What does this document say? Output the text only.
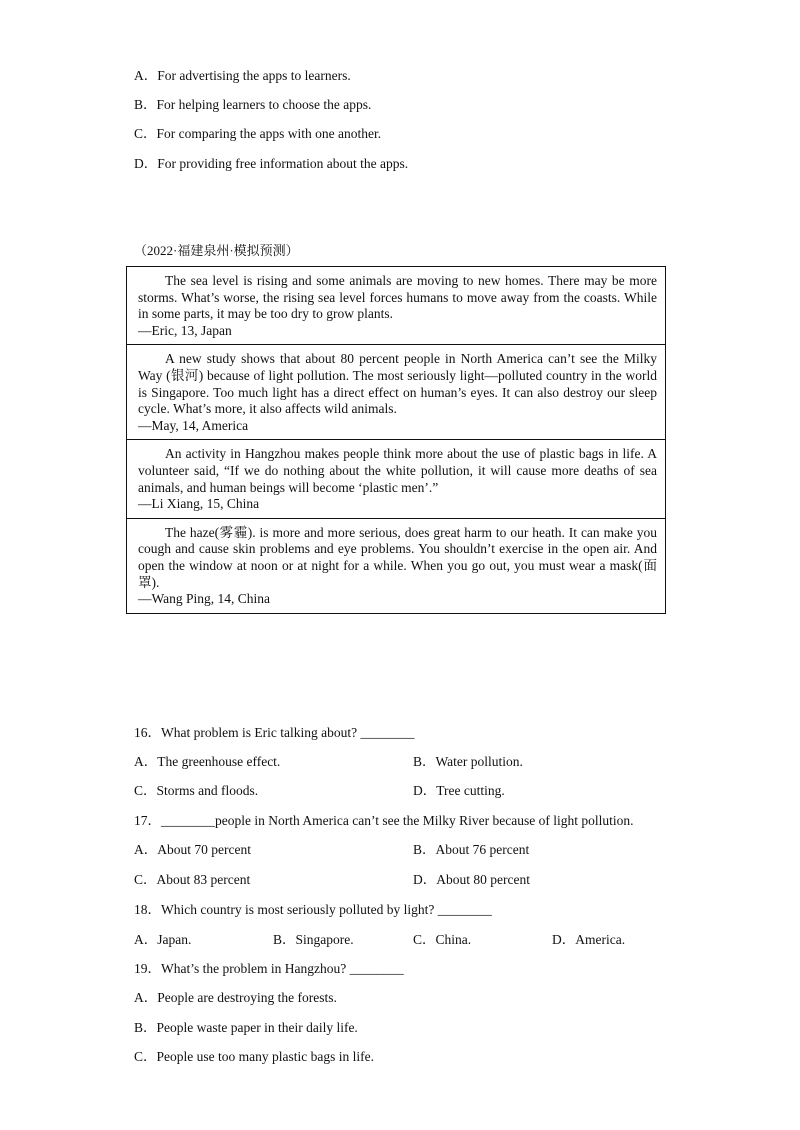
A．For advertising the apps to learners.
B．For helping learners to choose the apps.
C．For comparing the apps with one another.
D．For providing free information about the apps.
（2022·福建泉州·模拟预测）
The sea level is rising and some animals are moving to new homes. There may be more storms. What’s worse, the rising sea level forces humans to move away from the coasts. While in some parts, it may be too dry to grow plants.
—Eric, 13, Japan
A new study shows that about 80 percent people in North America can’t see the Milky Way (银河) because of light pollution. The most seriously light—polluted country in the world is Singapore. Too much light has a direct effect on human’s eyes. It can also destroy our sleep cycle. What’s more, it also affects wild animals.
—May, 14, America
An activity in Hangzhou makes people think more about the use of plastic bags in life. A volunteer said, “If we do nothing about the white pollution, it will cause more deaths of sea animals, and human beings will become ‘plastic men’.”
—Li Xiang, 15, China
The haze(雾霾). is more and more serious, does great harm to our heath. It can make you cough and cause skin problems and eye problems. You shouldn’t exercise in the open air. And open the window at noon or at night for a while. When you go out, you must wear a mask(面罩).
—Wang Ping, 14, China
16．What problem is Eric talking about? ________
A．The greenhouse effect.	B．Water pollution.
C．Storms and floods.	D．Tree cutting.
17．________people in North America can’t see the Milky River because of light pollution.
A．About 70 percent	B．About 76 percent
C．About 83 percent	D．About 80 percent
18．Which country is most seriously polluted by light? ________
A．Japan.	B．Singapore.	C．China.	D．America.
19．What’s the problem in Hangzhou? ________
A．People are destroying the forests.
B．People waste paper in their daily life.
C．People use too many plastic bags in life.
